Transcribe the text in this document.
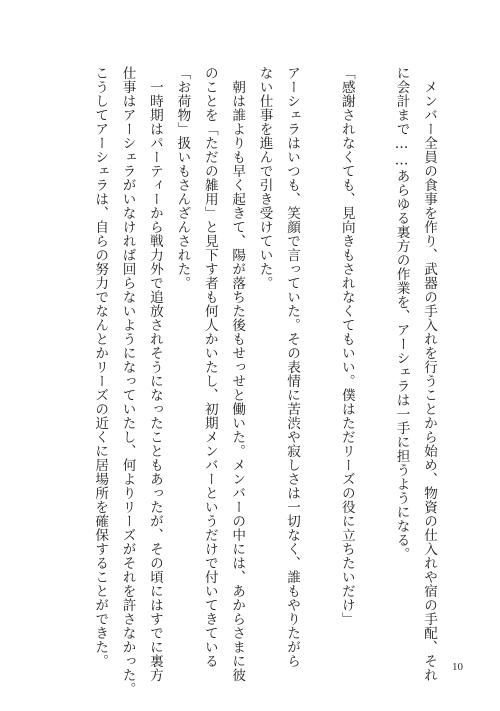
　メンバー全員の食事を作り、武器の手入れを行うことから始め、物資の仕入れや宿の手配、それ

に会計まで……あらゆる裏方の作業を、アーシェラは一手に担うようになる。

「感謝されなくても、見向きもされなくてもいい。僕はただリーズの役に立ちたいだけ」

アーシェラはいつも、笑顔で言っていた。その表情に苦渋や寂しさは一切なく、誰もやりたがら

ない仕事を進んで引き受けていた。

　朝は誰よりも早く起きて、陽が落ちた後もせっせと働いた。メンバーの中には、あからさまに彼

のことを「ただの雑用」と見下す者も何人かいたし、初期メンバーというだけで付いてきている

「お荷物」扱いもさんざんされた。

　一時期はパーティーから戦力外で追放されそうになったこともあったが、その頃にはすでに裏方

仕事はアーシェラがいなければ回らないようになっていたし、何よりリーズがそれを許さなかった。

こうしてアーシェラは、自らの努力でなんとかリーズの近くに居場所を確保することができた。	10
